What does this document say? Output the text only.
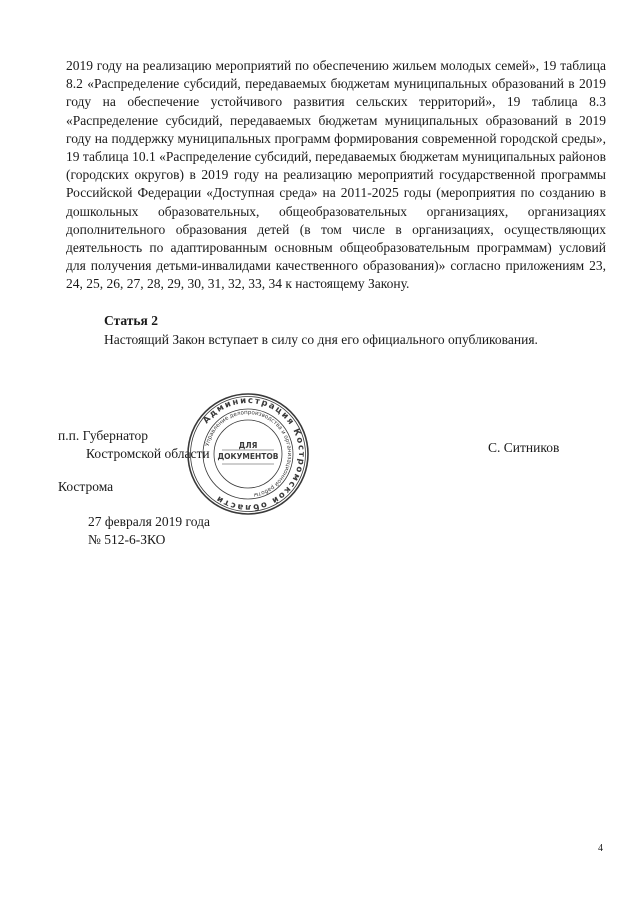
2019 году на реализацию мероприятий по обеспечению жильем молодых семей», 19 таблица 8.2 «Распределение субсидий, передаваемых бюджетам муниципальных образований в 2019 году на обеспечение устойчивого развития сельских территорий», 19 таблица 8.3 «Распределение субсидий, передаваемых бюджетам муниципальных образований в 2019 году на поддержку муниципальных программ формирования современной городской среды», 19 таблица 10.1 «Распределение субсидий, передаваемых бюджетам муниципальных районов (городских округов) в 2019 году на реализацию мероприятий государственной программы Российской Федерации «Доступная среда» на 2011-2025 годы (мероприятия по созданию в дошкольных образовательных, общеобразовательных организациях, организациях дополнительного образования детей (в том числе в организациях, осуществляющих деятельность по адаптированным основным общеобразовательным программам) условий для получения детьми-инвалидами качественного образования)» согласно приложениям 23, 24, 25, 26, 27, 28, 29, 30, 31, 32, 33, 34 к настоящему Закону.

Статья 2

Настоящий Закон вступает в силу со дня его официального опубликования.

п.п. Губернатор
Костромской области	С. Ситников
Кострома
27 февраля 2019 года
№ 512-6-ЗКО
Администрация Костромской области
Управление делопроизводства и организационной работы
ДЛЯ
ДОКУМЕНТОВ
4
